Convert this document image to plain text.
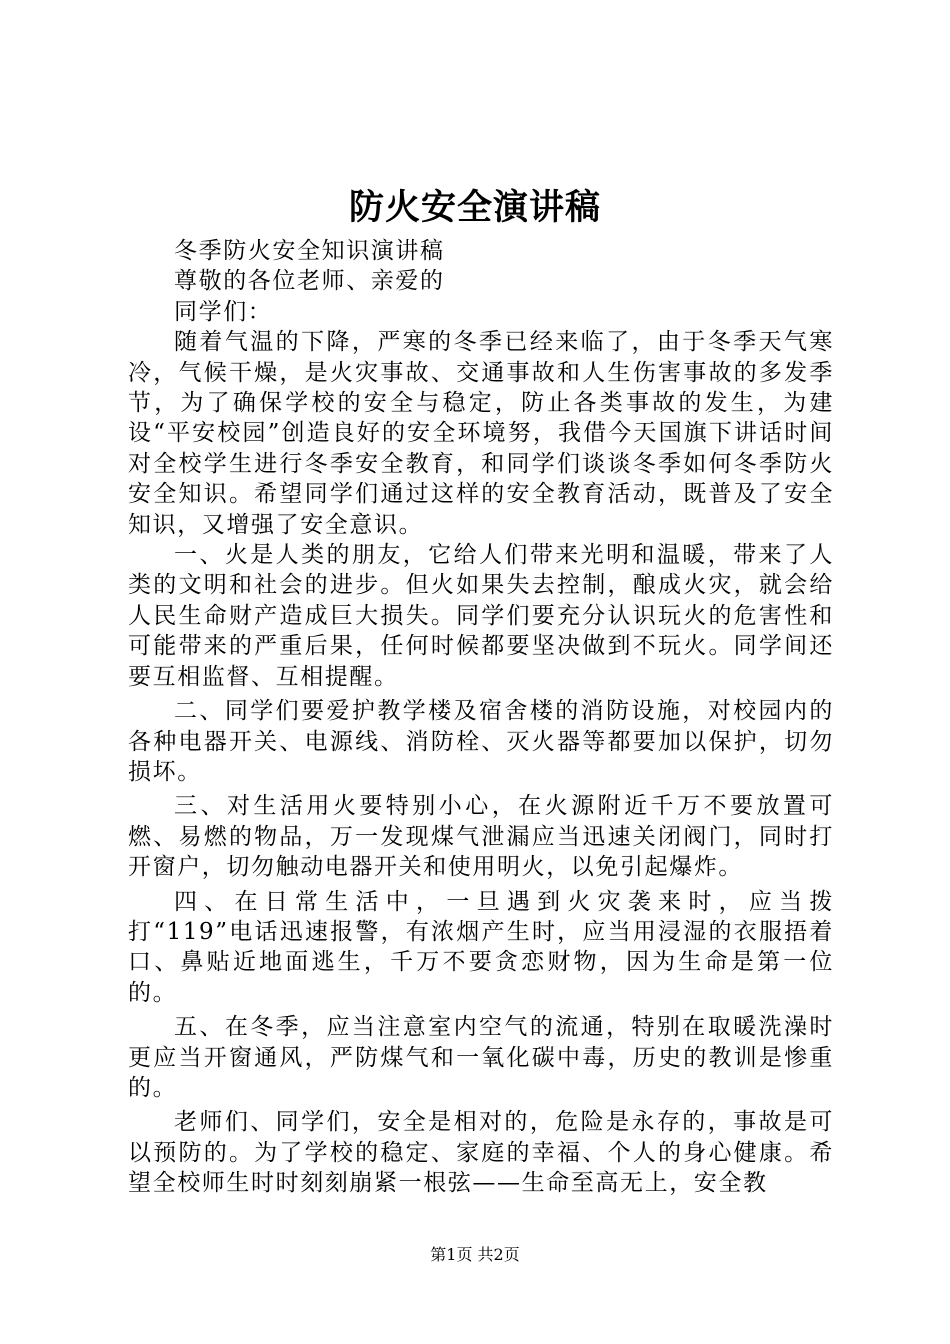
防火安全演讲稿

冬季防火安全知识演讲稿

尊敬的各位老师、亲爱的

同学们：

随着气温的下降，严寒的冬季已经来临了，由于冬季天气寒冷，气候干燥，是火灾事故、交通事故和人生伤害事故的多发季节，为了确保学校的安全与稳定，防止各类事故的发生，为建设“平安校园”创造良好的安全环境努，我借今天国旗下讲话时间对全校学生进行冬季安全教育，和同学们谈谈冬季如何冬季防火安全知识。希望同学们通过这样的安全教育活动，既普及了安全知识，又增强了安全意识。

一、火是人类的朋友，它给人们带来光明和温暖，带来了人类的文明和社会的进步。但火如果失去控制，酿成火灾，就会给人民生命财产造成巨大损失。同学们要充分认识玩火的危害性和可能带来的严重后果，任何时候都要坚决做到不玩火。同学间还要互相监督、互相提醒。

二、同学们要爱护教学楼及宿舍楼的消防设施，对校园内的各种电器开关、电源线、消防栓、灭火器等都要加以保护，切勿损坏。

三、对生活用火要特别小心，在火源附近千万不要放置可燃、易燃的物品，万一发现煤气泄漏应当迅速关闭阀门，同时打开窗户，切勿触动电器开关和使用明火，以免引起爆炸。

四、在日常生活中，一旦遇到火灾袭来时，应当拨打“119”电话迅速报警，有浓烟产生时，应当用浸湿的衣服捂着口、鼻贴近地面逃生，千万不要贪恋财物，因为生命是第一位的。

五、在冬季，应当注意室内空气的流通，特别在取暖洗澡时更应当开窗通风，严防煤气和一氧化碳中毒，历史的教训是惨重的。

老师们、同学们，安全是相对的，危险是永存的，事故是可以预防的。为了学校的稳定、家庭的幸福、个人的身心健康。希望全校师生时时刻刻崩紧一根弦——生命至高无上，安全教

第1页 共2页
